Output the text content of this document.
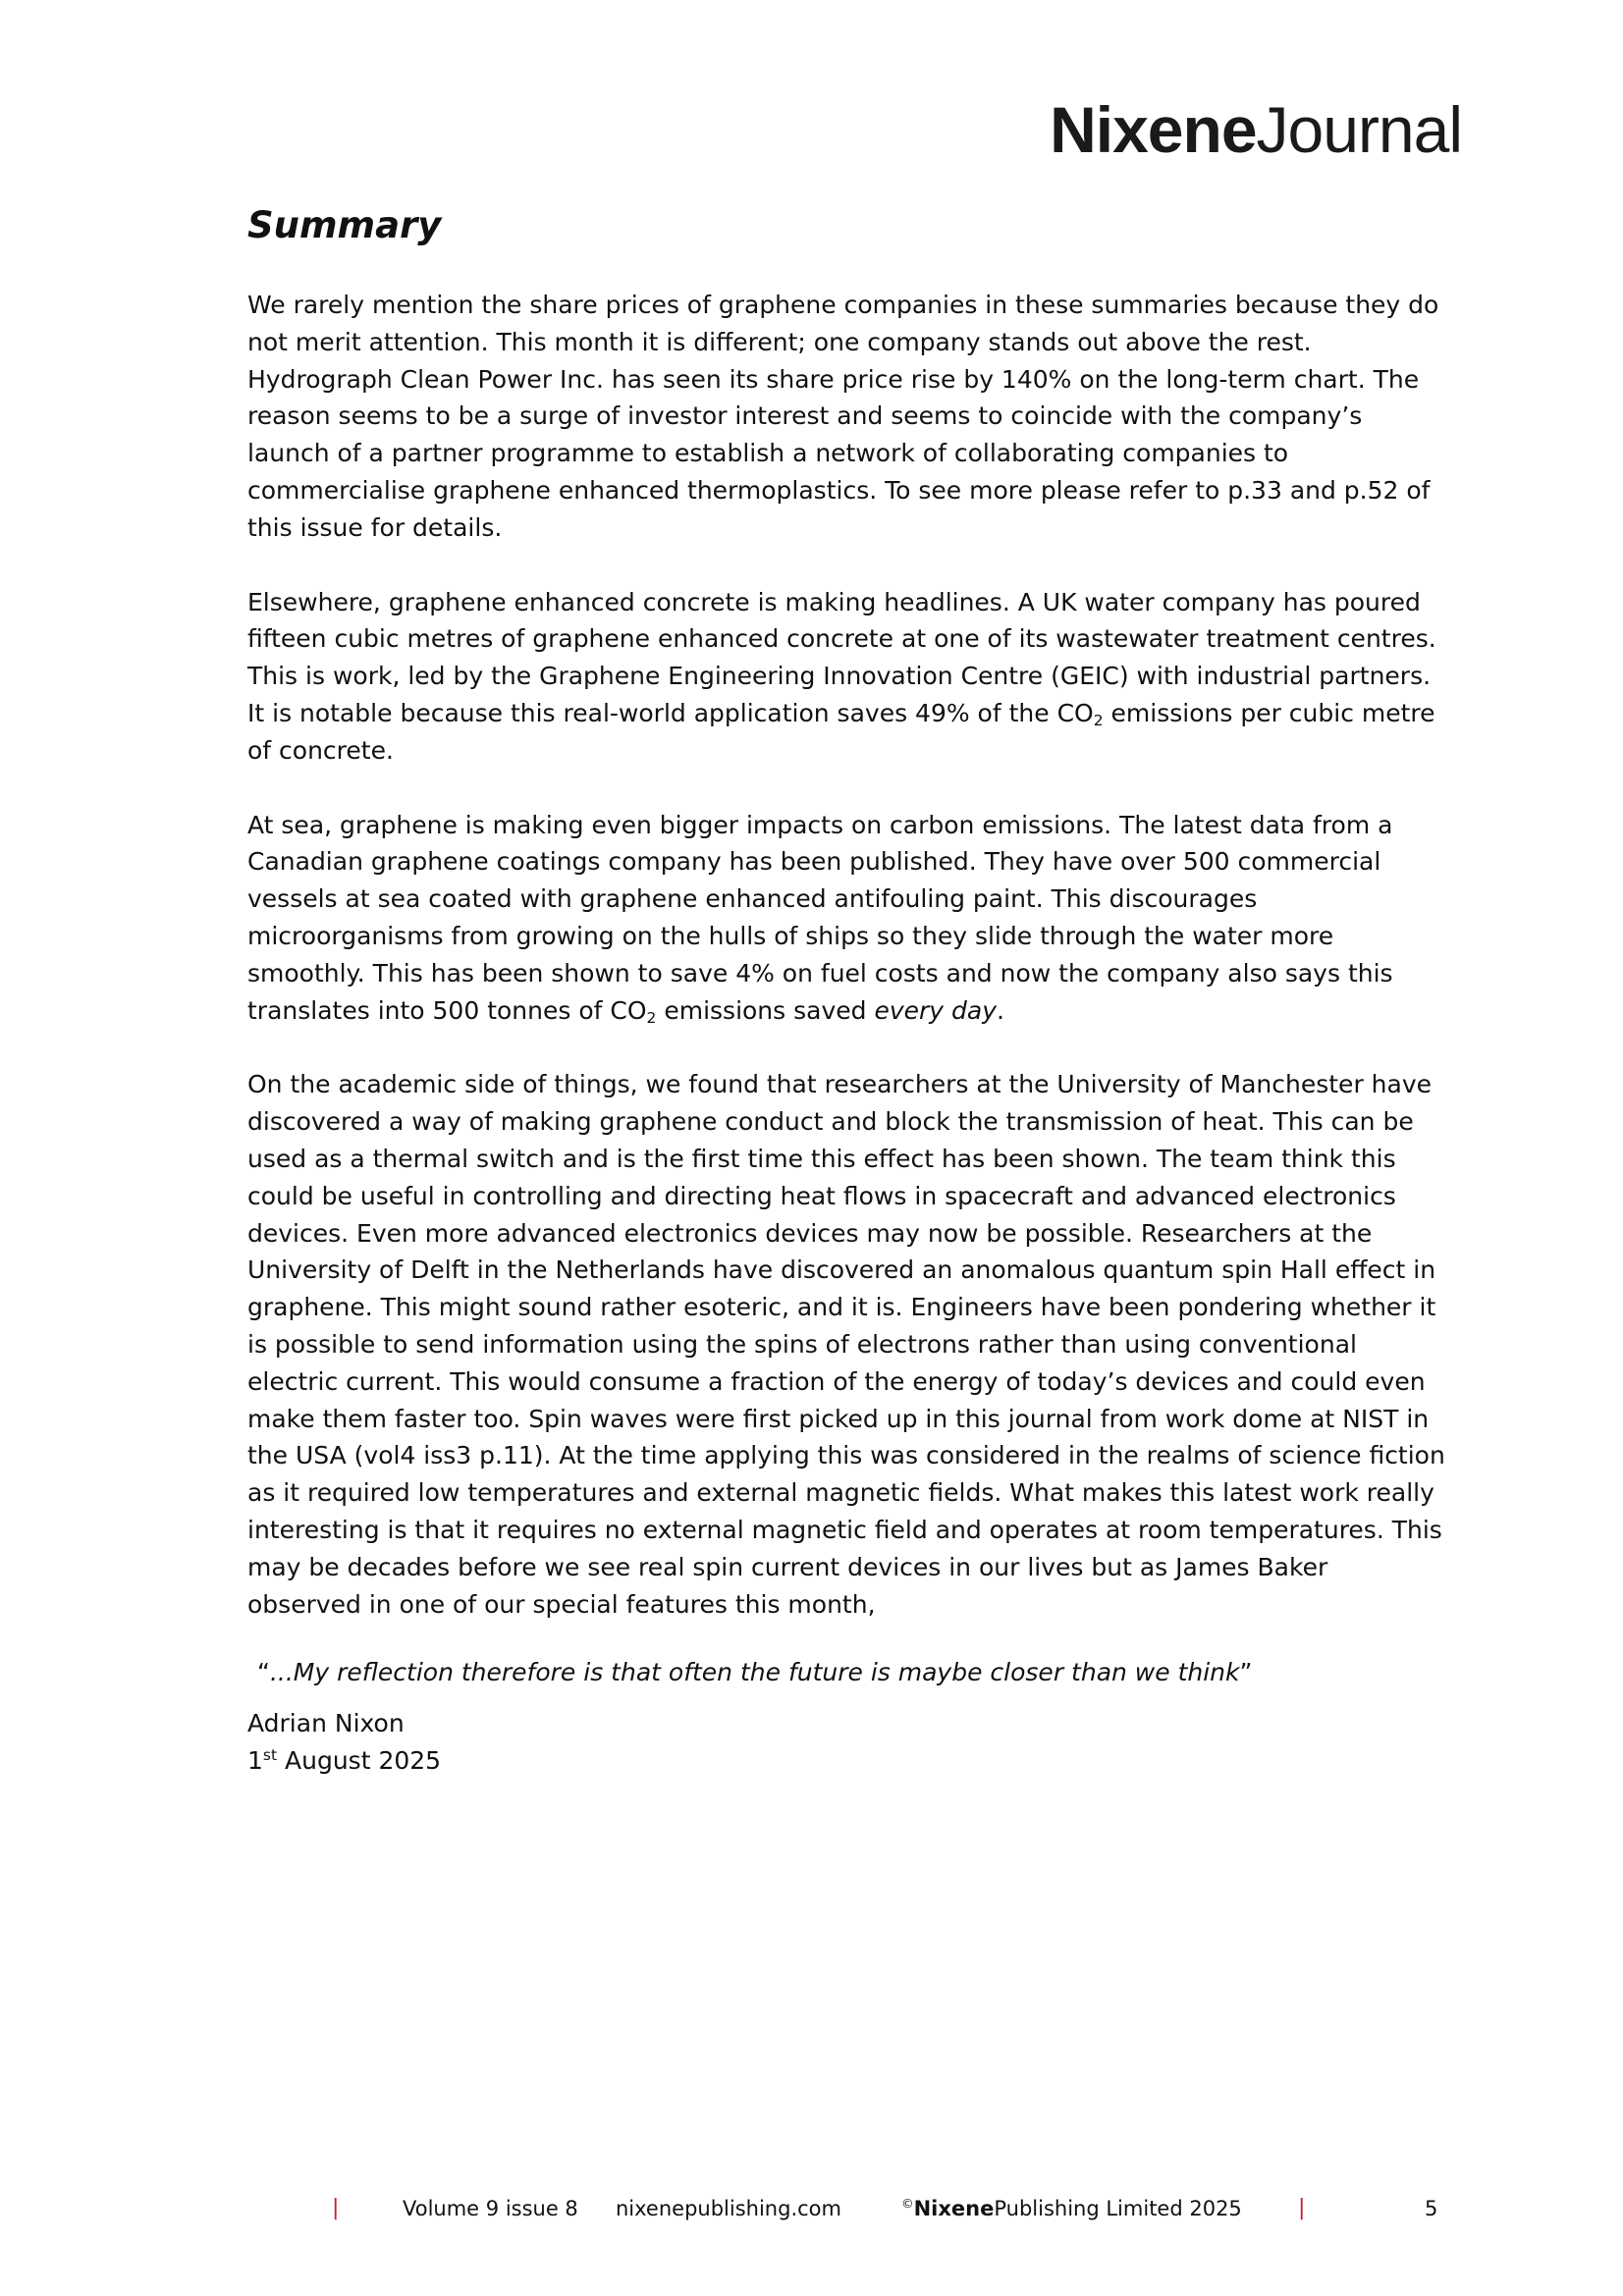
NixeneJournal
Summary

We rarely mention the share prices of graphene companies in these summaries because they do not merit attention. This month it is different; one company stands out above the rest. Hydrograph Clean Power Inc. has seen its share price rise by 140% on the long-term chart. The reason seems to be a surge of investor interest and seems to coincide with the company’s launch of a partner programme to establish a network of collaborating companies to commercialise graphene enhanced thermoplastics. To see more please refer to p.33 and p.52 of this issue for details.

Elsewhere, graphene enhanced concrete is making headlines. A UK water company has poured fifteen cubic metres of graphene enhanced concrete at one of its wastewater treatment centres. This is work, led by the Graphene Engineering Innovation Centre (GEIC) with industrial partners. It is notable because this real-world application saves 49% of the $CO_2$ emissions per cubic metre of concrete.

At sea, graphene is making even bigger impacts on carbon emissions. The latest data from a Canadian graphene coatings company has been published. They have over 500 commercial vessels at sea coated with graphene enhanced antifouling paint. This discourages microorganisms from growing on the hulls of ships so they slide through the water more smoothly. This has been shown to save 4% on fuel costs and now the company also says this translates into 500 tonnes of $CO_2$ emissions saved every day.

On the academic side of things, we found that researchers at the University of Manchester have discovered a way of making graphene conduct and block the transmission of heat. This can be used as a thermal switch and is the first time this effect has been shown. The team think this could be useful in controlling and directing heat flows in spacecraft and advanced electronics devices. Even more advanced electronics devices may now be possible. Researchers at the University of Delft in the Netherlands have discovered an anomalous quantum spin Hall effect in graphene. This might sound rather esoteric, and it is. Engineers have been pondering whether it is possible to send information using the spins of electrons rather than using conventional electric current. This would consume a fraction of the energy of today’s devices and could even make them faster too. Spin waves were first picked up in this journal from work dome at NIST in the USA (vol4 iss3 p.11). At the time applying this was considered in the realms of science fiction as it required low temperatures and external magnetic fields. What makes this latest work really interesting is that it requires no external magnetic field and operates at room temperatures. This may be decades before we see real spin current devices in our lives but as James Baker observed in one of our special features this month,

“...My reflection therefore is that often the future is maybe closer than we think”

Adrian Nixon
1st August 2025
|	Volume 9 issue 8 nixenepublishing.com	©NixenePublishing Limited 2025	|	5
